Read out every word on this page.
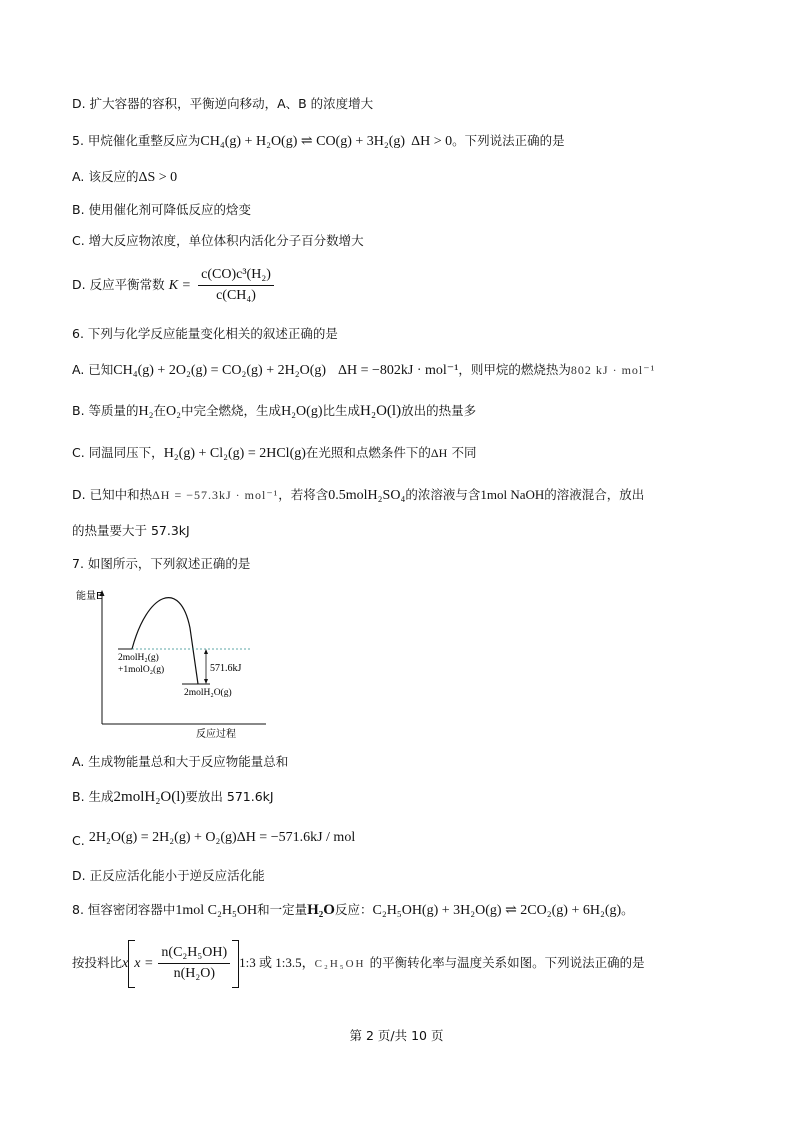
D. 扩大容器的容积，平衡逆向移动，A、B 的浓度增大
5. 甲烷催化重整反应为CH₄(g) + H₂O(g) ⇌ CO(g) + 3H₂(g) ΔH > 0。下列说法正确的是
A. 该反应的ΔS > 0
B. 使用催化剂可降低反应的焓变
C. 增大反应物浓度，单位体积内活化分子百分数增大
D. 反应平衡常数 $K = \frac{\text{c(CO)c³(H₂)}}{\text{c(CH₄)}}$
6. 下列与化学反应能量变化相关的叙述正确的是
A. 已知CH₄(g) + 2O₂(g) = CO₂(g) + 2H₂O(g) ΔH = −802kJ · mol⁻¹，则甲烷的燃烧热为802 kJ · mol⁻¹
B. 等质量的H₂在O₂中完全燃烧，生成H₂O(g)比生成H₂O(l)放出的热量多
C. 同温同压下，H₂(g) + Cl₂(g) = 2HCl(g)在光照和点燃条件下的ΔH 不同
D. 已知中和热ΔH = −57.3kJ · mol⁻¹，若将含0.5molH₂SO₄的浓溶液与含1mol NaOH的溶液混合，放出
的热量要大于 57.3kJ
7. 如图所示，下列叙述正确的是
能量E
反应过程
571.6kJ
2molH₂(g)
+1molO₂(g)
2molH₂O(g)
A. 生成物能量总和大于反应物能量总和
B. 生成2molH₂O(l)要放出 571.6kJ
C. 2H₂O(g) = 2H₂(g) + O₂(g)ΔH = −571.6kJ / mol
D. 正反应活化能小于逆反应活化能
8. 恒容密闭容器中1mol C₂H₅OH和一定量H₂O反应：C₂H₅OH(g) + 3H₂O(g) ⇌ 2CO₂(g) + 6H₂(g)。
按投料比x $x = \frac{\text{n(C₂H₅OH)}}{\text{n(H₂O)}}$ 1:3 或 1:3.5，C₂H₅OH 的平衡转化率与温度关系如图。下列说法正确的是
第 2 页/共 10 页
